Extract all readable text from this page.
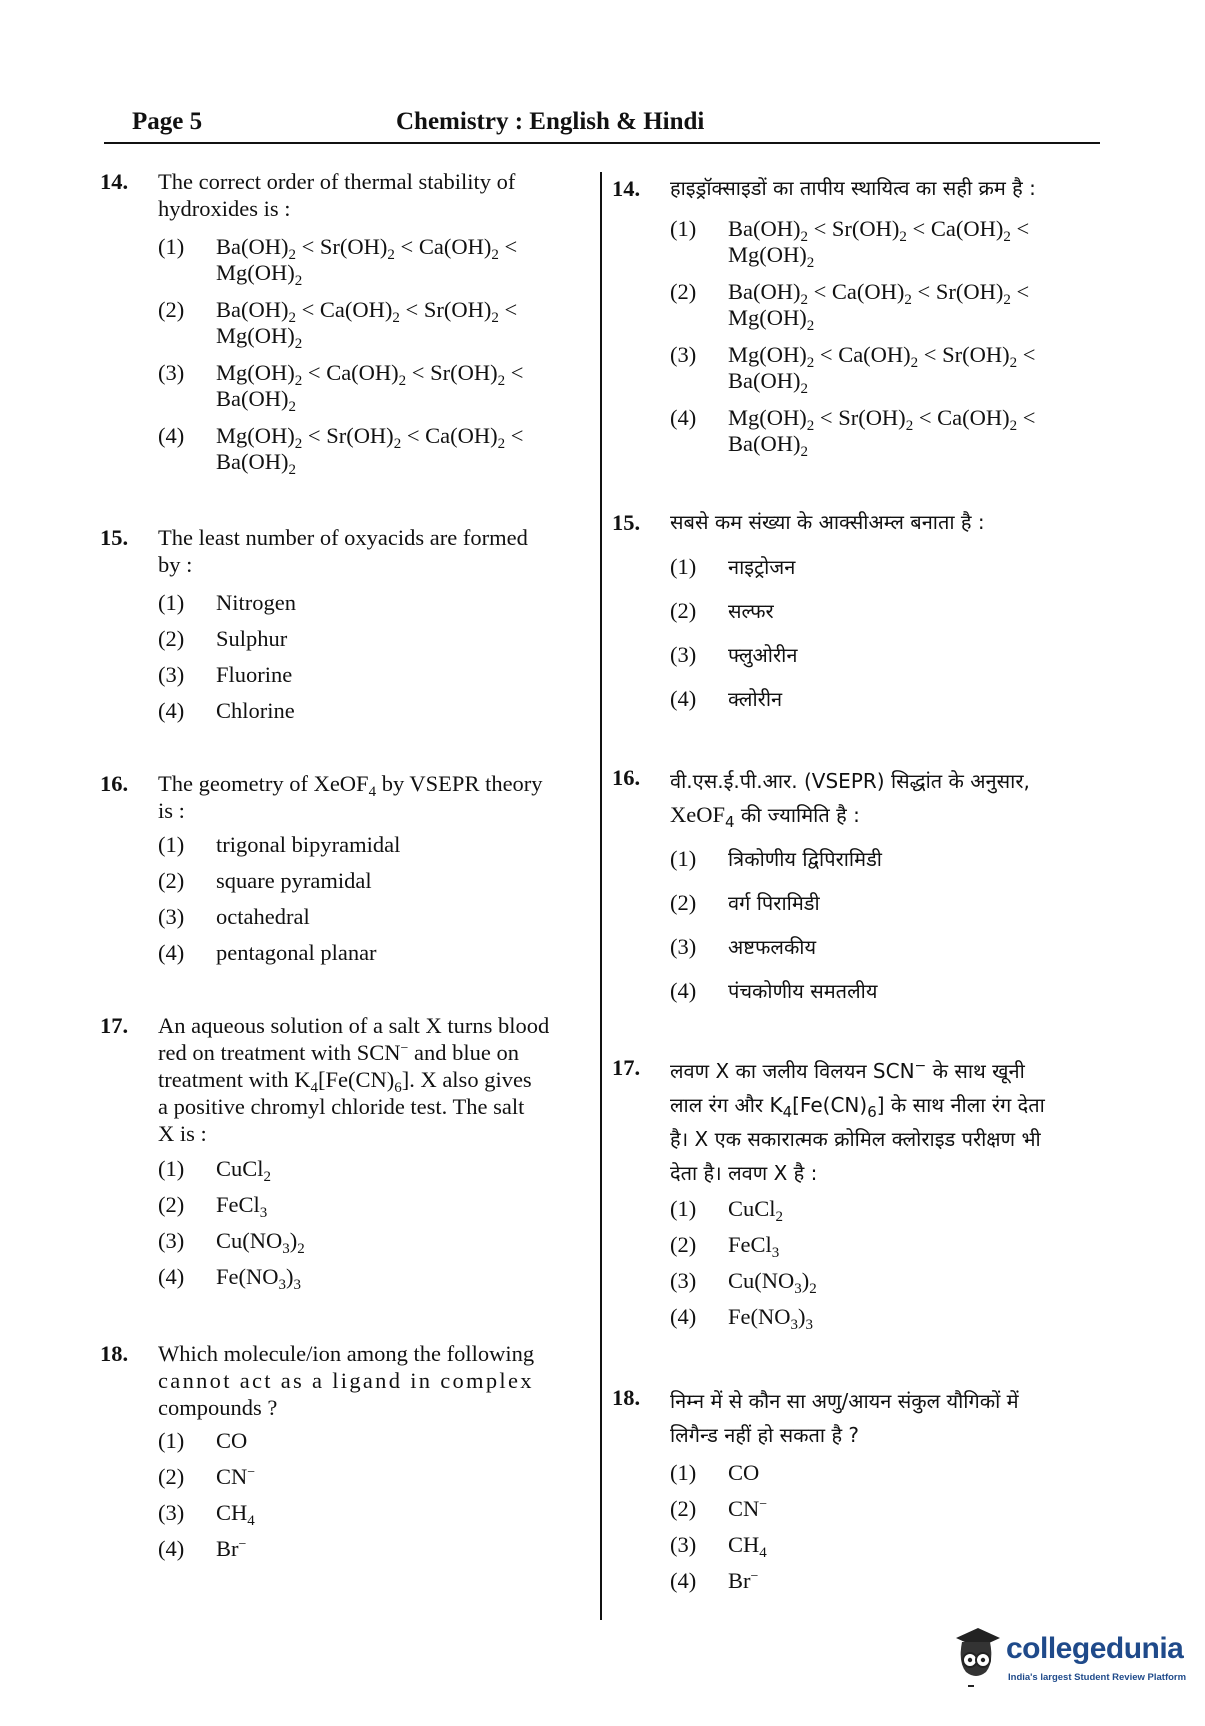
Page 5	Chemistry : English & Hindi
14. The correct order of thermal stability of
hydroxides is :
(1) $Ba(OH)_2 < Sr(OH)_2 < Ca(OH)_2$ <
$Mg(OH)_2$
(2) $Ba(OH)_2 < Ca(OH)_2 < Sr(OH)_2$ <
$Mg(OH)_2$
(3) $Mg(OH)_2 < Ca(OH)_2 < Sr(OH)_2$ <
$Ba(OH)_2$
(4) $Mg(OH)_2 < Sr(OH)_2 < Ca(OH)_2$ <
$Ba(OH)_2$
15. The least number of oxyacids are formed
by :
(1) Nitrogen
(2) Sulphur
(3) Fluorine
(4) Chlorine
16. The geometry of XeOF$_4$ by VSEPR theory
is :
(1) trigonal bipyramidal
(2) square pyramidal
(3) octahedral
(4) pentagonal planar
17. An aqueous solution of a salt X turns blood
red on treatment with SCN− and blue on
treatment with $K_4[Fe(CN)_6]$. X also gives
a positive chromyl chloride test. The salt
X is :
(1) CuCl$_2$
(2) FeCl$_3$
(3) $Cu(NO_3)_2$
(4) $Fe(NO_3)_3$
18. Which molecule/ion among the following
cannot act as a ligand in complex
compounds ?
(1) CO
(2) CN−
(3) $CH_4$
(4) Br−
14. हाइड्रॉक्साइडों का तापीय स्थायित्व का सही क्रम है :
(1) $Ba(OH)_2 < Sr(OH)_2 < Ca(OH)_2$ <
$Mg(OH)_2$
(2) $Ba(OH)_2 < Ca(OH)_2 < Sr(OH)_2$ <
$Mg(OH)_2$
(3) $Mg(OH)_2 < Ca(OH)_2 < Sr(OH)_2$ <
$Ba(OH)_2$
(4) $Mg(OH)_2 < Sr(OH)_2 < Ca(OH)_2$ <
$Ba(OH)_2$
15. सबसे कम संख्या के आक्सीअम्ल बनाता है :
(1) नाइट्रोजन
(2) सल्फर
(3) फ्लुओरीन
(4) क्लोरीन
16. वी.एस.ई.पी.आर. (VSEPR) सिद्धांत के अनुसार,
XeOF$_4$ की ज्यामिति है :
(1) त्रिकोणीय द्विपिरामिडी
(2) वर्ग पिरामिडी
(3) अष्टफलकीय
(4) पंचकोणीय समतलीय
17. लवण X का जलीय विलयन SCN− के साथ खूनी
लाल रंग और $K_4[Fe(CN)_6]$ के साथ नीला रंग देता
है। X एक सकारात्मक क्रोमिल क्लोराइड परीक्षण भी
देता है। लवण X है :
(1) CuCl$_2$
(2) FeCl$_3$
(3) $Cu(NO_3)_2$
(4) $Fe(NO_3)_3$
18. निम्न में से कौन सा अणु/आयन संकुल यौगिकों में
लिगैन्ड नहीं हो सकता है ?
(1) CO
(2) CN−
(3) $CH_4$
(4) Br−
collegedunia
India's largest Student Review Platform
